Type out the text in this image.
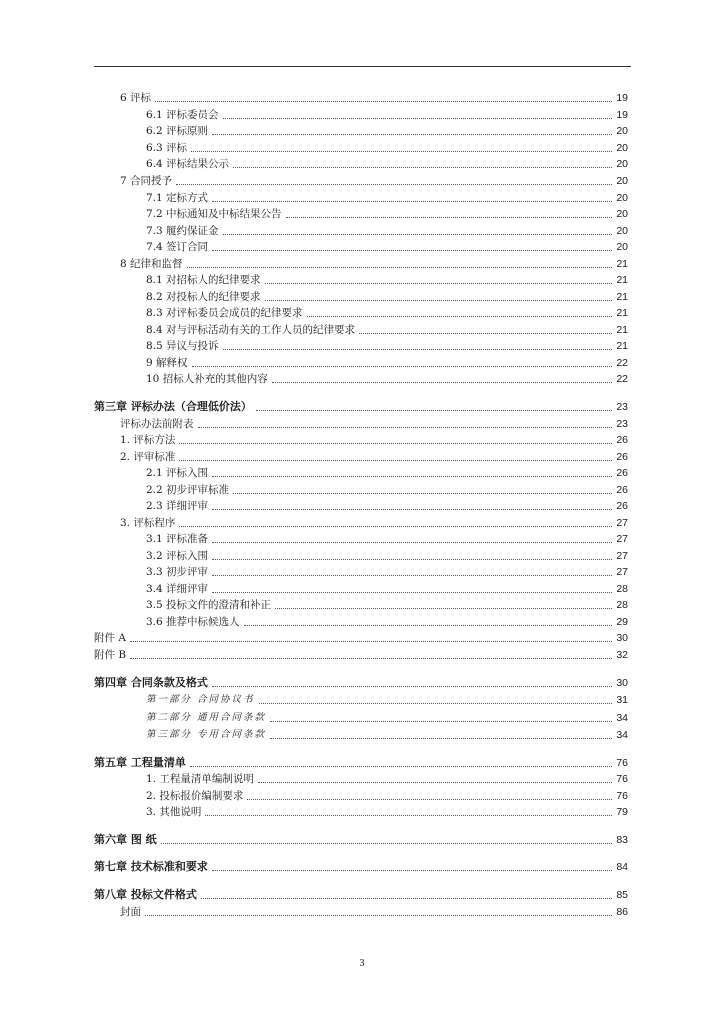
6 评标	19
6.1 评标委员会	19
6.2 评标原则	20
6.3 评标	20
6.4 评标结果公示	20
7 合同授予	20
7.1 定标方式	20
7.2 中标通知及中标结果公告	20
7.3 履约保证金	20
7.4 签订合同	20
8 纪律和监督	21
8.1 对招标人的纪律要求	21
8.2 对投标人的纪律要求	21
8.3 对评标委员会成员的纪律要求	21
8.4 对与评标活动有关的工作人员的纪律要求	21
8.5 异议与投诉	21
9 解释权	22
10 招标人补充的其他内容	22
第三章 评标办法（合理低价法）	23
评标办法前附表	23
1. 评标方法	26
2. 评审标准	26
2.1 评标入围	26
2.2 初步评审标准	26
2.3 详细评审	26
3. 评标程序	27
3.1 评标准备	27
3.2 评标入围	27
3.3 初步评审	27
3.4 详细评审	28
3.5 投标文件的澄清和补正	28
3.6 推荐中标候选人	29
附件 A	30
附件 B	32
第四章 合同条款及格式	30
第一部分 合同协议书	31
第二部分 通用合同条款	34
第三部分 专用合同条款	34
第五章 工程量清单	76
1. 工程量清单编制说明	76
2. 投标报价编制要求	76
3. 其他说明	79
第六章 图 纸	83
第七章 技术标准和要求	84
第八章 投标文件格式	85
封面	86
3
